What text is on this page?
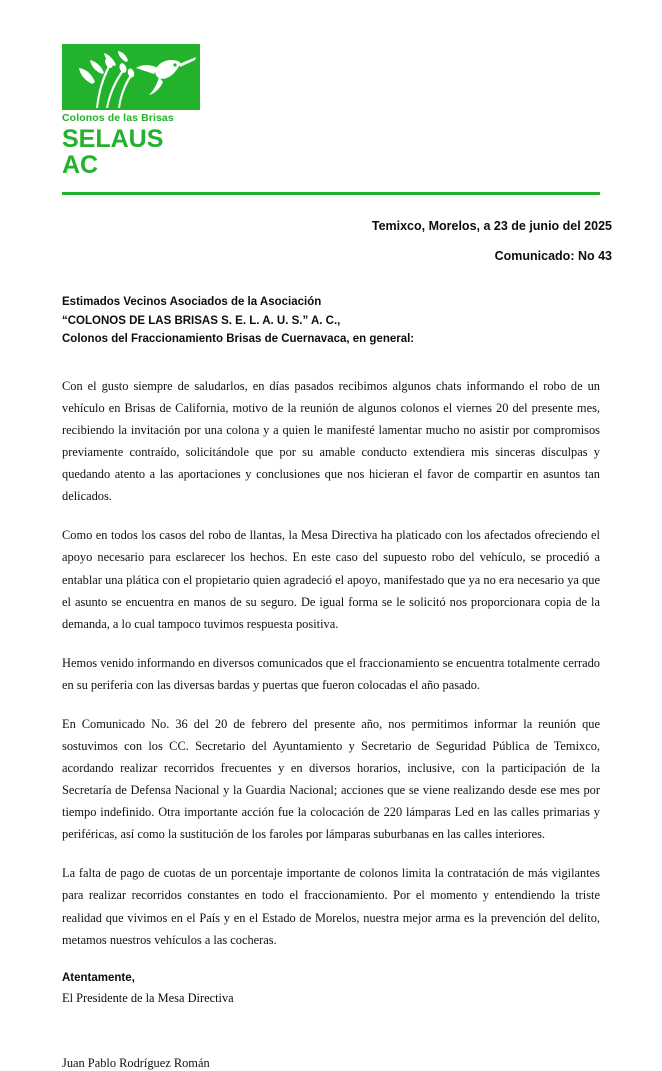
Colonos de las Brisas
SELAUS AC
Temixco, Morelos, a 23 de junio del 2025
Comunicado: No 43
Estimados Vecinos Asociados de la Asociación
“COLONOS DE LAS BRISAS S. E. L. A. U. S.” A. C.,
Colonos del Fraccionamiento Brisas de Cuernavaca, en general:

Con el gusto siempre de saludarlos, en días pasados recibimos algunos chats informando el robo de un vehículo en Brisas de California, motivo de la reunión de algunos colonos el viernes 20 del presente mes, recibiendo la invitación por una colona y a quien le manifesté lamentar mucho no asistir por compromisos previamente contraído, solicitándole que por su amable conducto extendiera mis sinceras disculpas y quedando atento a las aportaciones y conclusiones que nos hicieran el favor de compartir en asuntos tan delicados.

Como en todos los casos del robo de llantas, la Mesa Directiva ha platicado con los afectados ofreciendo el apoyo necesario para esclarecer los hechos. En este caso del supuesto robo del vehículo, se procedió a entablar una plática con el propietario quien agradeció el apoyo, manifestado que ya no era necesario ya que el asunto se encuentra en manos de su seguro. De igual forma se le solicitó nos proporcionara copia de la demanda, a lo cual tampoco tuvimos respuesta positiva.

Hemos venido informando en diversos comunicados que el fraccionamiento se encuentra totalmente cerrado en su periferia con las diversas bardas y puertas que fueron colocadas el año pasado.

En Comunicado No. 36 del 20 de febrero del presente año, nos permitimos informar la reunión que sostuvimos con los CC. Secretario del Ayuntamiento y Secretario de Seguridad Pública de Temixco, acordando realizar recorridos frecuentes y en diversos horarios, inclusive, con la participación de la Secretaría de Defensa Nacional y la Guardia Nacional; acciones que se viene realizando desde ese mes por tiempo indefinido. Otra importante acción fue la colocación de 220 lámparas Led en las calles primarias y periféricas, así como la sustitución de los faroles por lámparas suburbanas en las calles interiores.

La falta de pago de cuotas de un porcentaje importante de colonos limita la contratación de más vigilantes para realizar recorridos constantes en todo el fraccionamiento. Por el momento y entendiendo la triste realidad que vivimos en el País y en el Estado de Morelos, nuestra mejor arma es la prevención del delito, metamos nuestros vehículos a las cocheras.

Atentamente,
El Presidente de la Mesa Directiva
Juan Pablo Rodríguez Román
